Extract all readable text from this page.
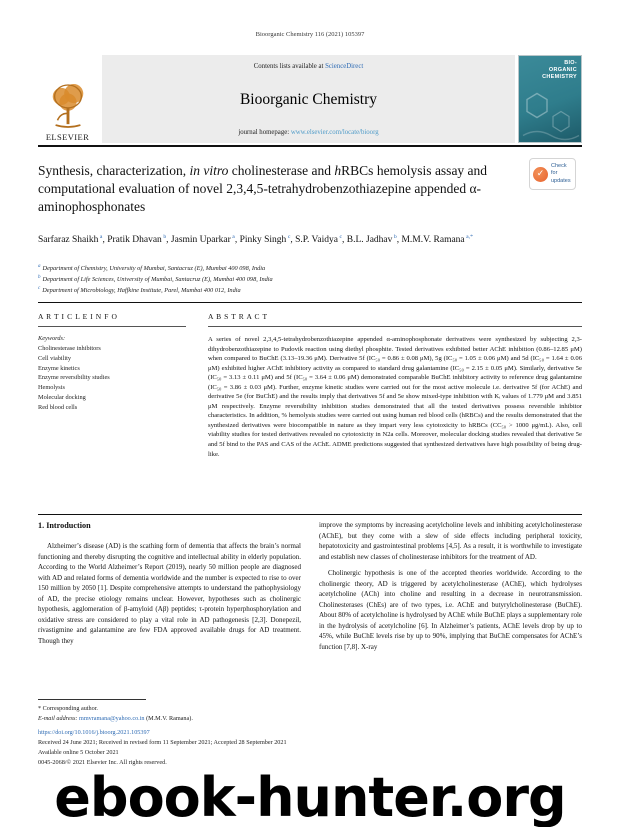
Bioorganic Chemistry 116 (2021) 105397
ELSEVIER
Contents lists available at ScienceDirect
Bioorganic Chemistry
journal homepage: www.elsevier.com/locate/bioorg
BIO-
ORGANIC
CHEMISTRY
✓
Check for
updates
Synthesis, characterization, in vitro cholinesterase and hRBCs hemolysis assay and computational evaluation of novel 2,3,4,5-tetrahydrobenzothiazepine appended α-aminophosphonates
Sarfaraz Shaikh $^a$, Pratik Dhavan $^b$, Jasmin Uparkar $^a$, Pinky Singh $^c$, S.P. Vaidya $^c$, B.L. Jadhav $^b$, M.M.V. Ramana $^{a,*}$
$^a$ Department of Chemistry, University of Mumbai, Santacruz (E), Mumbai 400 098, India
$^b$ Department of Life Sciences, University of Mumbai, Santacruz (E), Mumbai 400 098, India
$^c$ Department of Microbiology, Haffkine Institute, Parel, Mumbai 400 012, India
A R T I C L E I N F O
Keywords:
Cholinesterase inhibitors
Cell viability
Enzyme kinetics
Enzyme reversibility studies
Hemolysis
Molecular docking
Red blood cells
A B S T R A C T

A series of novel 2,3,4,5-tetrahydrobenzothiazepine appended α-aminophosphonate derivatives were synthesized by subjecting 2,3-dihydrobenzothiazepine to Pudovik reaction using diethyl phosphite. Tested derivatives exhibited better AChE inhibition (0.86–12.85 μM) when compared to BuChE (3.13–19.36 μM). Derivative 5f (IC₅₀ = 0.86 ± 0.08 μM), 5g (IC₅₀ = 1.05 ± 0.06 μM) and 5d (IC₅₀ = 1.64 ± 0.06 μM) exhibited higher AChE inhibitory activity as compared to standard drug galantamine (IC₅₀ = 2.15 ± 0.05 μM). Similarly, derivative 5e (IC₅₀ = 3.13 ± 0.11 μM) and 5f (IC₅₀ = 3.64 ± 0.06 μM) demonstrated comparable BuChE inhibitory activity to reference drug galantamine (IC₅₀ = 3.86 ± 0.03 μM). Further, enzyme kinetic studies were carried out for the most active molecule i.e. derivative 5f (for AChE) and derivative 5e (for BuChE) and the results imply that derivatives 5f and 5e show mixed-type inhibition with Kᵢ values of 1.779 μM and 3.851 μM respectively. Enzyme reversibility inhibition studies demonstrated that all the tested derivatives possess reversible inhibitor characteristics. In addition, % hemolysis studies were carried out using human red blood cells (hRBCs) and the results demonstrated that the synthesized derivatives were biocompatible in nature as they impart very less cytotoxicity to hRBCs (CC₅₀ > 1000 μg/mL). Also, cell viability studies for tested derivatives revealed no cytotoxicity in N2a cells. Moreover, molecular docking studies revealed that derivative 5e and 5f bind to the PAS and CAS of the AChE. ADME predictions suggested that synthesized derivatives have high possibility of being drug-like.

1. Introduction

Alzheimer’s disease (AD) is the scathing form of dementia that affects the brain’s normal functioning and thereby disrupting the cognitive and intellectual ability in elderly population. According to the World Alzheimer’s Report (2019), nearly 50 million people are diagnosed with AD and related forms of dementia worldwide and the number is expected to rise to over 150 million by 2050 [1]. Despite comprehensive attempts to understand the pathophysiology of AD, the precise etiology remains unclear. However, hypotheses such as cholinergic hypothesis, agglomeration of β-amyloid (Aβ) peptides; τ-protein hyperphosphorylation and oxidative stress are considered to play a vital role in AD pathogenesis [2,3]. Donepezil, rivastigmine and galantamine are few FDA approved available drugs for AD treatment. Though they

improve the symptoms by increasing acetylcholine levels and inhibiting acetylcholinesterase (AChE), but they come with a slew of side effects including peripheral toxicity, hepatotoxicity and gastrointestinal problems [4,5]. As a result, it is worthwhile to investigate and establish new classes of cholinesterase inhibitors for the treatment of AD.

Cholinergic hypothesis is one of the accepted theories worldwide. According to the cholinergic theory, AD is triggered by acetylcholinesterase (AChE), which hydrolyses acetylcholine (ACh) into choline and resulting in a decrease in neurotransmission. Cholinesterases (ChEs) are of two types, i.e. AChE and butyrylcholinesterase (BuChE). About 80% of acetylcholine is hydrolysed by AChE while BuChE plays a supplementary role in the hydrolysis of acetylcholine [6]. In Alzheimer’s patients, AChE levels drop by up to 45%, while BuChE levels rise by up to 90%, implying that BuChE compensates for AChE’s function [7,8]. X-ray

* Corresponding author.
E-mail address: mmvramana@yahoo.co.in (M.M.V. Ramana).
https://doi.org/10.1016/j.bioorg.2021.105397
Received 24 June 2021; Received in revised form 11 September 2021; Accepted 28 September 2021
Available online 5 October 2021
0045-2068/© 2021 Elsevier Inc. All rights reserved.
ebook-hunter.org
